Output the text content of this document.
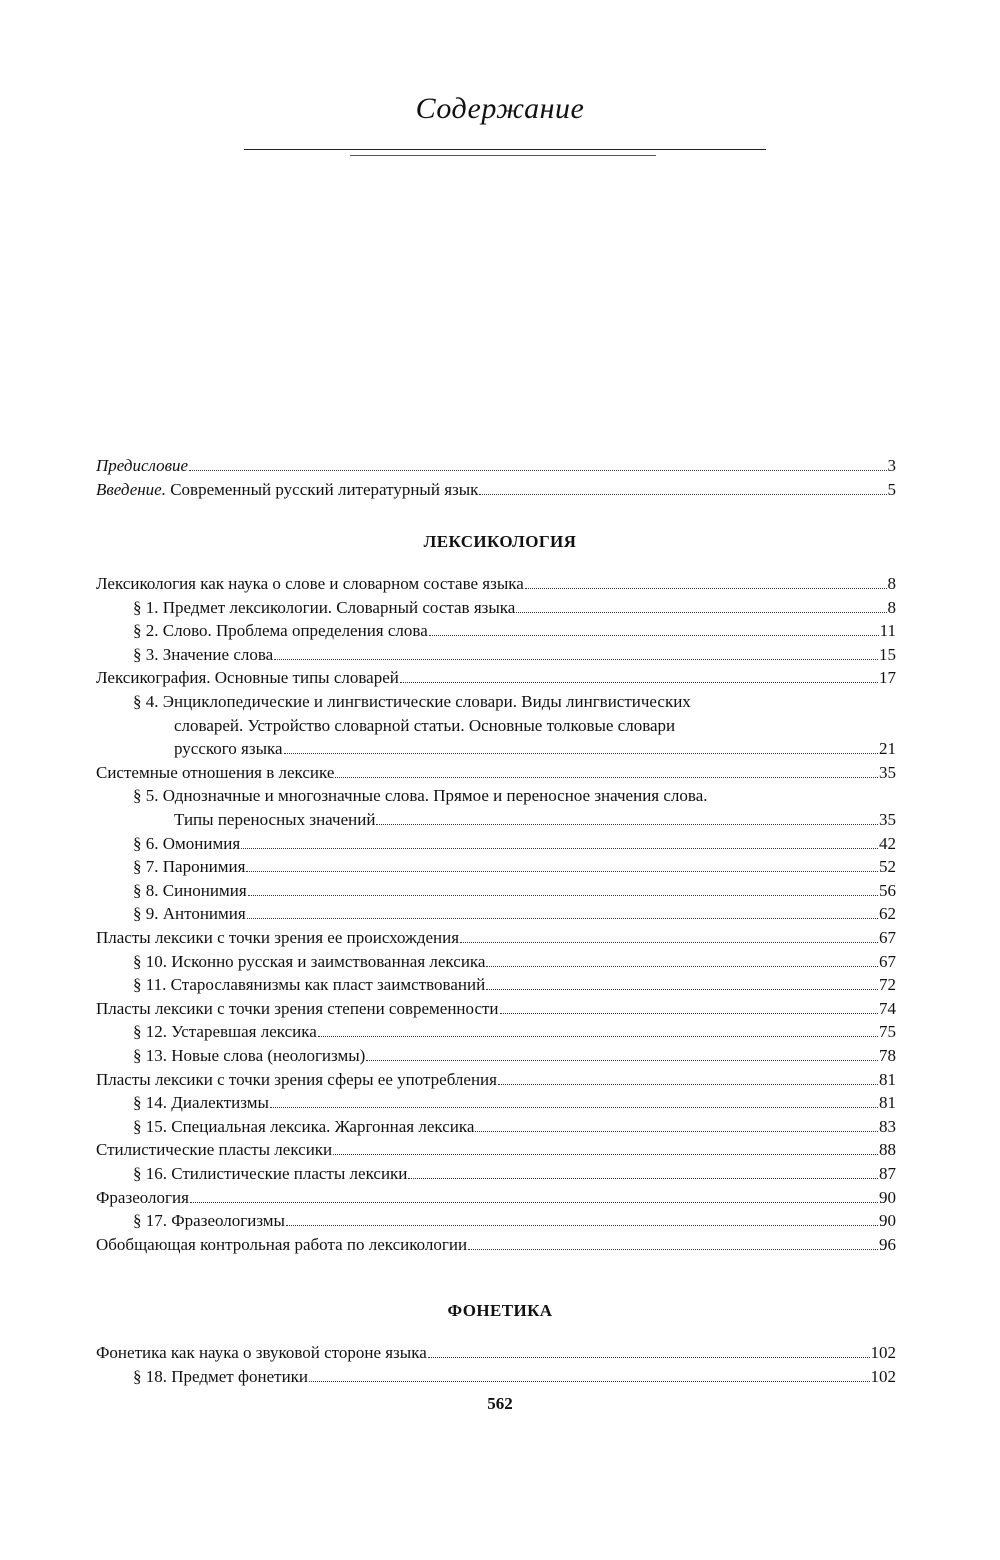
Содержание
Предисловие	3
Введение. Современный русский литературный язык	5
ЛЕКСИКОЛОГИЯ
Лексикология как наука о слове и словарном составе языка	8
§ 1. Предмет лексикологии. Словарный состав языка	8
§ 2. Слово. Проблема определения слова	11
§ 3. Значение слова	15
Лексикография. Основные типы словарей	17
§ 4. Энциклопедические и лингвистические словари. Виды лингвистических
словарей. Устройство словарной статьи. Основные толковые словари
русского языка	21
Системные отношения в лексике	35
§ 5. Однозначные и многозначные слова. Прямое и переносное значения слова.
Типы переносных значений	35
§ 6. Омонимия	42
§ 7. Паронимия	52
§ 8. Синонимия	56
§ 9. Антонимия	62
Пласты лексики с точки зрения ее происхождения	67
§ 10. Исконно русская и заимствованная лексика	67
§ 11. Старославянизмы как пласт заимствований	72
Пласты лексики с точки зрения степени современности	74
§ 12. Устаревшая лексика	75
§ 13. Новые слова (неологизмы)	78
Пласты лексики с точки зрения сферы ее употребления	81
§ 14. Диалектизмы	81
§ 15. Специальная лексика. Жаргонная лексика	83
Стилистические пласты лексики	88
§ 16. Стилистические пласты лексики	87
Фразеология	90
§ 17. Фразеологизмы	90
Обобщающая контрольная работа по лексикологии	96
ФОНЕТИКА
Фонетика как наука о звуковой стороне языка	102
§ 18. Предмет фонетики	102
562
